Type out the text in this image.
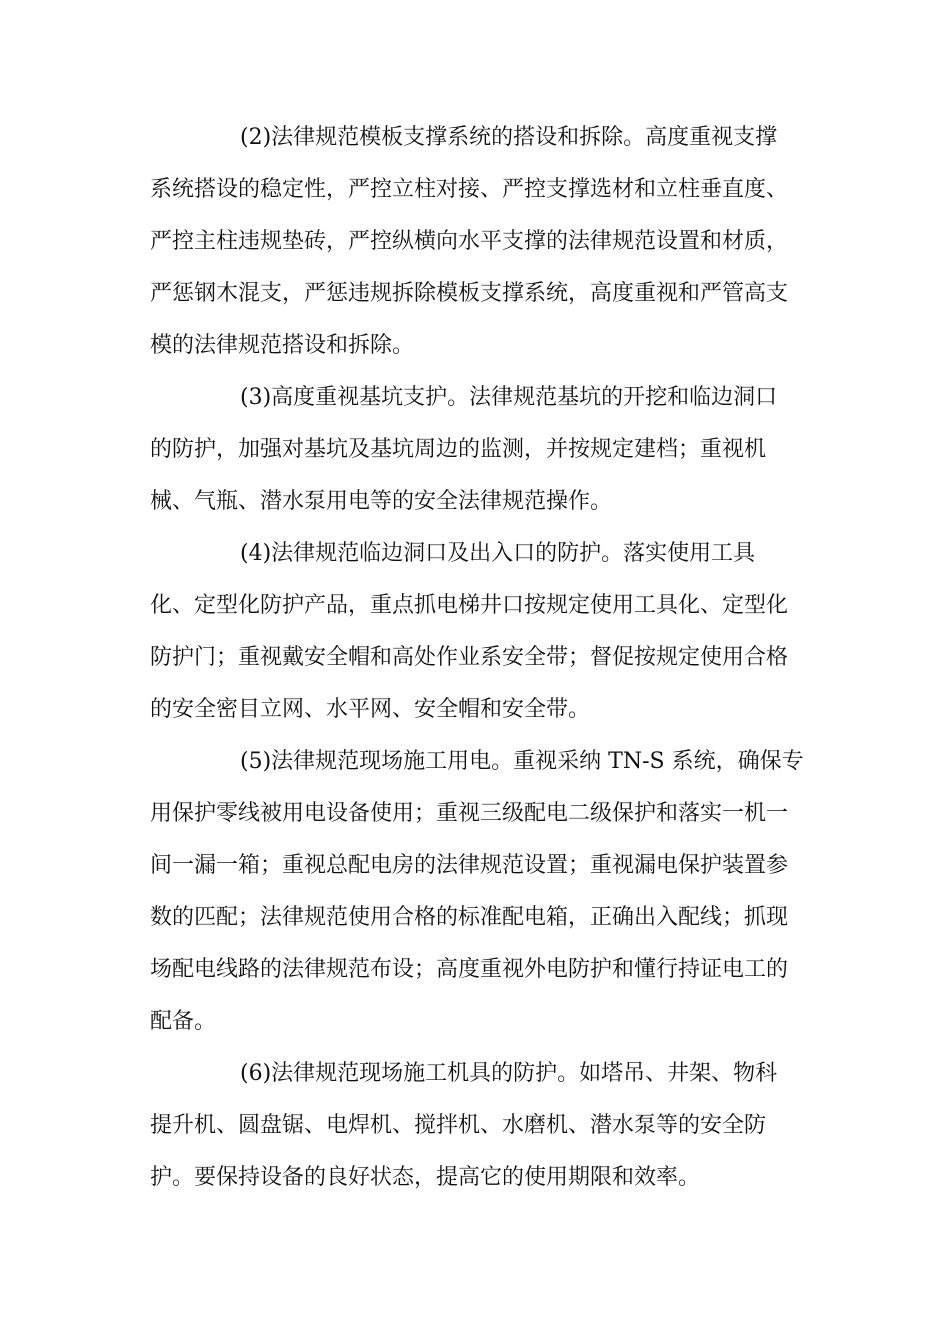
(2)法律规范模板支撑系统的搭设和拆除。高度重视支撑
系统搭设的稳定性，严控立柱对接、严控支撑选材和立柱垂直度、
严控主柱违规垫砖，严控纵横向水平支撑的法律规范设置和材质，
严惩钢木混支，严惩违规拆除模板支撑系统，高度重视和严管高支
模的法律规范搭设和拆除。
(3)高度重视基坑支护。法律规范基坑的开挖和临边洞口
的防护，加强对基坑及基坑周边的监测，并按规定建档；重视机
械、气瓶、潜水泵用电等的安全法律规范操作。
(4)法律规范临边洞口及出入口的防护。落实使用工具
化、定型化防护产品，重点抓电梯井口按规定使用工具化、定型化
防护门；重视戴安全帽和高处作业系安全带；督促按规定使用合格
的安全密目立网、水平网、安全帽和安全带。
(5)法律规范现场施工用电。重视采纳 TN-S 系统，确保专
用保护零线被用电设备使用；重视三级配电二级保护和落实一机一
间一漏一箱；重视总配电房的法律规范设置；重视漏电保护装置参
数的匹配；法律规范使用合格的标准配电箱，正确出入配线；抓现
场配电线路的法律规范布设；高度重视外电防护和懂行持证电工的
配备。
(6)法律规范现场施工机具的防护。如塔吊、井架、物科
提升机、圆盘锯、电焊机、搅拌机、水磨机、潜水泵等的安全防
护。要保持设备的良好状态，提高它的使用期限和效率。
